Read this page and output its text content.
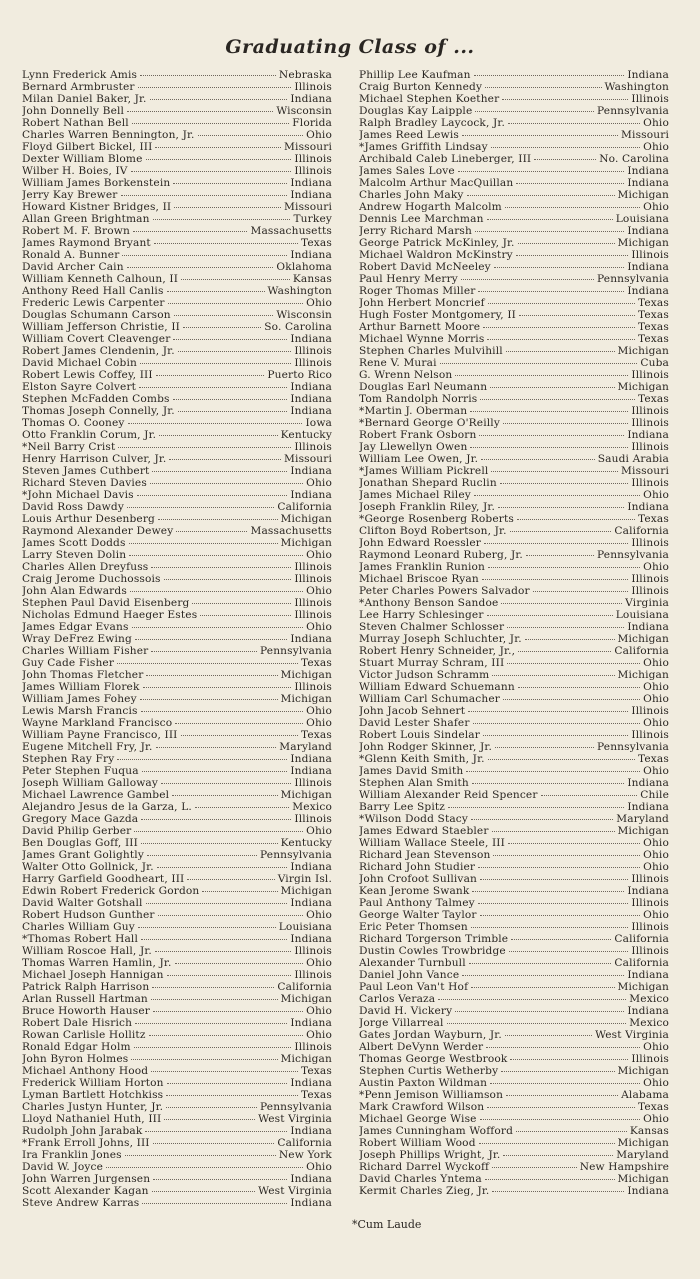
Graduating Class of ...
Lynn Frederick Amis	Nebraska
Bernard Armbruster	Illinois
Milan Daniel Baker, Jr.	Indiana
John Donnelly Bell	Wisconsin
Robert Nathan Bell	Florida
Charles Warren Bennington, Jr.	Ohio
Floyd Gilbert Bickel, III	Missouri
Dexter William Blome	Illinois
Wilber H. Boies, IV	Illinois
William James Borkenstein	Indiana
Jerry Kay Brewer	Indiana
Howard Kistner Bridges, II	Missouri
Allan Green Brightman	Turkey
Robert M. F. Brown	Massachusetts
James Raymond Bryant	Texas
Ronald A. Bunner	Indiana
David Archer Cain	Oklahoma
William Kenneth Calhoun, II	Kansas
Anthony Reed Hall Canlis	Washington
Frederic Lewis Carpenter	Ohio
Douglas Schumann Carson	Wisconsin
William Jefferson Christie, II	So. Carolina
William Covert Cleavenger	Indiana
Robert James Clendenin, Jr.	Illinois
David Michael Cobin	Illinois
Robert Lewis Coffey, III	Puerto Rico
Elston Sayre Colvert	Indiana
Stephen McFadden Combs	Indiana
Thomas Joseph Connelly, Jr.	Indiana
Thomas O. Cooney	Iowa
Otto Franklin Corum, Jr.	Kentucky
*Neil Barry Crist	Illinois
Henry Harrison Culver, Jr.	Missouri
Steven James Cuthbert	Indiana
Richard Steven Davies	Ohio
*John Michael Davis	Indiana
David Ross Dawdy	California
Louis Arthur Desenberg	Michigan
Raymond Alexander Dewey	Massachusetts
James Scott Dodds	Michigan
Larry Steven Dolin	Ohio
Charles Allen Dreyfuss	Illinois
Craig Jerome Duchossois	Illinois
John Alan Edwards	Ohio
Stephen Paul David Eisenberg	Illinois
Nicholas Edmund Haeger Estes	Illinois
James Edgar Evans	Ohio
Wray DeFrez Ewing	Indiana
Charles William Fisher	Pennsylvania
Guy Cade Fisher	Texas
John Thomas Fletcher	Michigan
James William Florek	Illinois
William James Fohey	Michigan
Lewis Marsh Francis	Ohio
Wayne Markland Francisco	Ohio
William Payne Francisco, III	Texas
Eugene Mitchell Fry, Jr.	Maryland
Stephen Ray Fry	Indiana
Peter Stephen Fuqua	Indiana
Joseph William Galloway	Illinois
Michael Lawrence Gambel	Michigan
Alejandro Jesus de la Garza, L.	Mexico
Gregory Mace Gazda	Illinois
David Philip Gerber	Ohio
Ben Douglas Goff, III	Kentucky
James Grant Golightly	Pennsylvania
Walter Otto Gollnick, Jr.	Indiana
Harry Garfield Goodheart, III	Virgin Isl.
Edwin Robert Frederick Gordon	Michigan
David Walter Gotshall	Indiana
Robert Hudson Gunther	Ohio
Charles William Guy	Louisiana
*Thomas Robert Hall	Indiana
William Roscoe Hall, Jr.	Illinois
Thomas Warren Hamlin, Jr.	Ohio
Michael Joseph Hannigan	Illinois
Patrick Ralph Harrison	California
Arlan Russell Hartman	Michigan
Bruce Howorth Hauser	Ohio
Robert Dale Hisrich	Indiana
Rowan Carlisle Hollitz	Ohio
Ronald Edgar Holm	Illinois
John Byron Holmes	Michigan
Michael Anthony Hood	Texas
Frederick William Horton	Indiana
Lyman Bartlett Hotchkiss	Texas
Charles Justyn Hunter, Jr.	Pennsylvania
Lloyd Nathaniel Huth, III	West Virginia
Rudolph John Jarabak	Indiana
*Frank Erroll Johns, III	California
Ira Franklin Jones	New York
David W. Joyce	Ohio
John Warren Jurgensen	Indiana
Scott Alexander Kagan	West Virginia
Steve Andrew Karras	Indiana
Phillip Lee Kaufman	Indiana
Craig Burton Kennedy	Washington
Michael Stephen Koether	Illinois
Douglas Kay Laipple	Pennsylvania
Ralph Bradley Laycock, Jr.	Ohio
James Reed Lewis	Missouri
*James Griffith Lindsay	Ohio
Archibald Caleb Lineberger, III	No. Carolina
James Sales Love	Indiana
Malcolm Arthur MacQuillan	Indiana
Charles John Maky	Michigan
Andrew Hogarth Malcolm	Ohio
Dennis Lee Marchman	Louisiana
Jerry Richard Marsh	Indiana
George Patrick McKinley, Jr.	Michigan
Michael Waldron McKinstry	Illinois
Robert David McNeeley	Indiana
Paul Henry Merry	Pennsylvania
Roger Thomas Miller	Indiana
John Herbert Moncrief	Texas
Hugh Foster Montgomery, II	Texas
Arthur Barnett Moore	Texas
Michael Wynne Morris	Texas
Stephen Charles Mulvihill	Michigan
Rene V. Murai	Cuba
G. Wrenn Nelson	Illinois
Douglas Earl Neumann	Michigan
Tom Randolph Norris	Texas
*Martin J. Oberman	Illinois
*Bernard George O'Reilly	Illinois
Robert Frank Osborn	Indiana
Jay Llewellyn Owen	Illinois
William Lee Owen, Jr.	Saudi Arabia
*James William Pickrell	Missouri
Jonathan Shepard Ruclin	Illinois
James Michael Riley	Ohio
Joseph Franklin Riley, Jr.	Indiana
*George Rosenberg Roberts	Texas
Clifton Boyd Robertson, Jr.	California
John Edward Roessler	Illinois
Raymond Leonard Ruberg, Jr.	Pennsylvania
James Franklin Runion	Ohio
Michael Briscoe Ryan	Illinois
Peter Charles Powers Salvador	Illinois
*Anthony Benson Sandoe	Virginia
Lee Harry Schlesinger	Louisiana
Steven Chalmer Schlosser	Indiana
Murray Joseph Schluchter, Jr.	Michigan
Robert Henry Schneider, Jr.,	California
Stuart Murray Schram, III	Ohio
Victor Judson Schramm	Michigan
William Edward Schuemann	Ohio
William Carl Schumacher	Ohio
John Jacob Sehnert	Illinois
David Lester Shafer	Ohio
Robert Louis Sindelar	Illinois
John Rodger Skinner, Jr.	Pennsylvania
*Glenn Keith Smith, Jr.	Texas
James David Smith	Ohio
Stephen Alan Smith	Indiana
William Alexander Reid Spencer	Chile
Barry Lee Spitz	Indiana
*Wilson Dodd Stacy	Maryland
James Edward Staebler	Michigan
William Wallace Steele, III	Ohio
Richard Jean Stevenson	Ohio
Richard John Studier	Ohio
John Crofoot Sullivan	Illinois
Kean Jerome Swank	Indiana
Paul Anthony Talmey	Illinois
George Walter Taylor	Ohio
Eric Peter Thomsen	Illinois
Richard Torgerson Trimble	California
Dustin Cowles Trowbridge	Illinois
Alexander Turnbull	California
Daniel John Vance	Indiana
Paul Leon Van't Hof	Michigan
Carlos Veraza	Mexico
David H. Vickery	Indiana
Jorge Villarreal	Mexico
Gates Jordan Wayburn, Jr.	West Virginia
Albert DeVynn Werder	Ohio
Thomas George Westbrook	Illinois
Stephen Curtis Wetherby	Michigan
Austin Paxton Wildman	Ohio
*Penn Jemison Williamson	Alabama
Mark Crawford Wilson	Texas
Michael George Wise	Ohio
James Cunningham Wofford	Kansas
Robert William Wood	Michigan
Joseph Phillips Wright, Jr.	Maryland
Richard Darrel Wyckoff	New Hampshire
David Charles Yntema	Michigan
Kermit Charles Zieg, Jr.	Indiana
*Cum Laude
